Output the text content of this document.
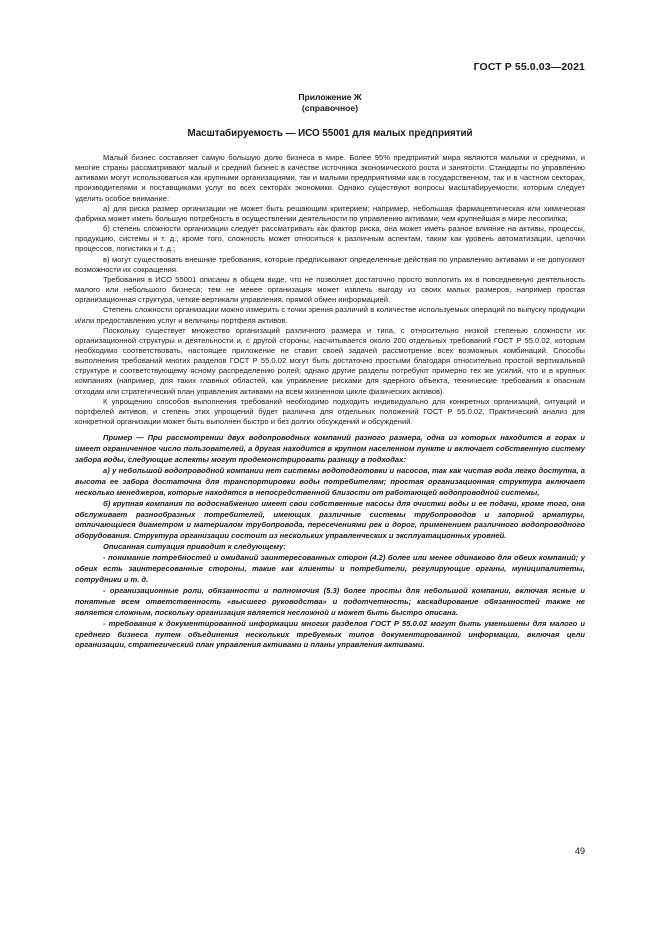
ГОСТ Р 55.0.03—2021
Приложение Ж
(справочное)
Масштабируемость — ИСО 55001 для малых предприятий

Малый бизнес составляет самую большую долю бизнеса в мире. Более 95% предприятий мира являются малыми и средними, и многие страны рассматривают малый и средний бизнес в качестве источника экономического роста и занятости. Стандарты по управлению активами могут использоваться как крупными организациями, так и малыми предприятиями как в государственном, так и в частном секторах, производителями и поставщиками услуг во всех секторах экономики. Однако существуют вопросы масштабируемости, которым следует уделить особое внимание:

а) для риска размер организации не может быть решающим критерием; например, небольшая фармацевтическая или химическая фабрика может иметь большую потребность в осуществлении деятельности по управлению активами, чем крупнейшая в мире лесопилка;

б) степень сложности организации следует рассматривать как фактор риска, она может иметь разное влияние на активы, процессы, продукцию, системы и т. д.; кроме того, сложность может относиться к различным аспектам, таким как уровень автоматизации, цепочки процессов, логистика и т. д.;

в) могут существовать внешние требования, которые предписывают определенные действия по управлению активами и не допускают возможности их сокращения.

Требования в ИСО 55001 описаны в общем виде, что не позволяет достаточно просто воплотить их в повседневную деятельность малого или небольшого бизнеса; тем не менее организация может извлечь выгоду из своих малых размеров, например простая организационная структура, четкие вертикали управления, прямой обмен информацией.

Степень сложности организации можно измерить с точки зрения различий в количестве используемых операций по выпуску продукции и/или предоставлению услуг и величины портфеля активов.

Поскольку существует множество организаций различного размера и типа, с относительно низкой степенью сложности их организационной структуры и деятельности и, с другой стороны, насчитывается около 200 отдельных требований ГОСТ Р 55.0.02, которым необходимо соответствовать, настоящее приложение не ставит своей задачей рассмотрение всех возможных комбинаций. Способы выполнения требований многих разделов ГОСТ Р 55.0.02 могут быть достаточно простыми благодаря относительно простой вертикальной структуре и соответствующему ясному распределению ролей; однако другие разделы потребуют примерно тех же усилий, что и в крупных компаниях (например, для таких главных областей, как управление рисками для ядерного объекта, технические требования к опасным отходам или стратегический план управления активами на всем жизненном цикле физических активов).

К упрощению способов выполнения требований необходимо подходить индивидуально для конкретных организаций, ситуаций и портфелей активов, и степень этих упрощений будет различна для отдельных положений ГОСТ Р 55.0.02. Практический анализ для конкретной организации может быть выполнен быстро и без долгих обсуждений и обсуждений.

Пример — При рассмотрении двух водопроводных компаний разного размера, одна из которых находится в горах и имеет ограниченное число пользователей, а другая находится в крупном населенном пункте и включает собственную систему забора воды, следующие аспекты могут продемонстрировать разницу в подходах:

а) у небольшой водопроводной компании нет системы водоподготовки и насосов, так как чистая вода легко доступна, а высота ее забора достаточна для транспортировки воды потребителям; простая организационная структура включает несколько менеджеров, которые находятся в непосредственной близости от работающей водопроводной системы,

б) крупная компания по водоснабжению имеет свои собственные насосы для очистки воды и ее подачи, кроме того, она обслуживает разнообразных потребителей, имеющих различные системы трубопроводов и запорной арматуры, отличающиеся диаметром и материалом трубопровода, пересечениями рек и дорог, применением различного водопроводного оборудования. Структура организации состоит из нескольких управленческих и эксплуатационных уровней.

Описанная ситуация приводит к следующему:

- понимание потребностей и ожиданий заинтересованных сторон (4.2) более или менее одинаково для обеих компаний; у обеих есть заинтересованные стороны, такие как клиенты и потребители, регулирующие органы, муниципалитеты, сотрудники и т. д.

- организационные роли, обязанности и полномочия (5.3) более просты для небольшой компании, включая ясные и понятные всем ответственность «высшего руководства» и подотчетность; каскадирование обязанностей также не является сложным, поскольку организация является несложной и может быть быстро описана.

- требования к документированной информации многих разделов ГОСТ Р 55.0.02 могут быть уменьшены для малого и среднего бизнеса путем объединения нескольких требуемых типов документированной информации, включая цели организации, стратегический план управления активами и планы управления активами.

49
